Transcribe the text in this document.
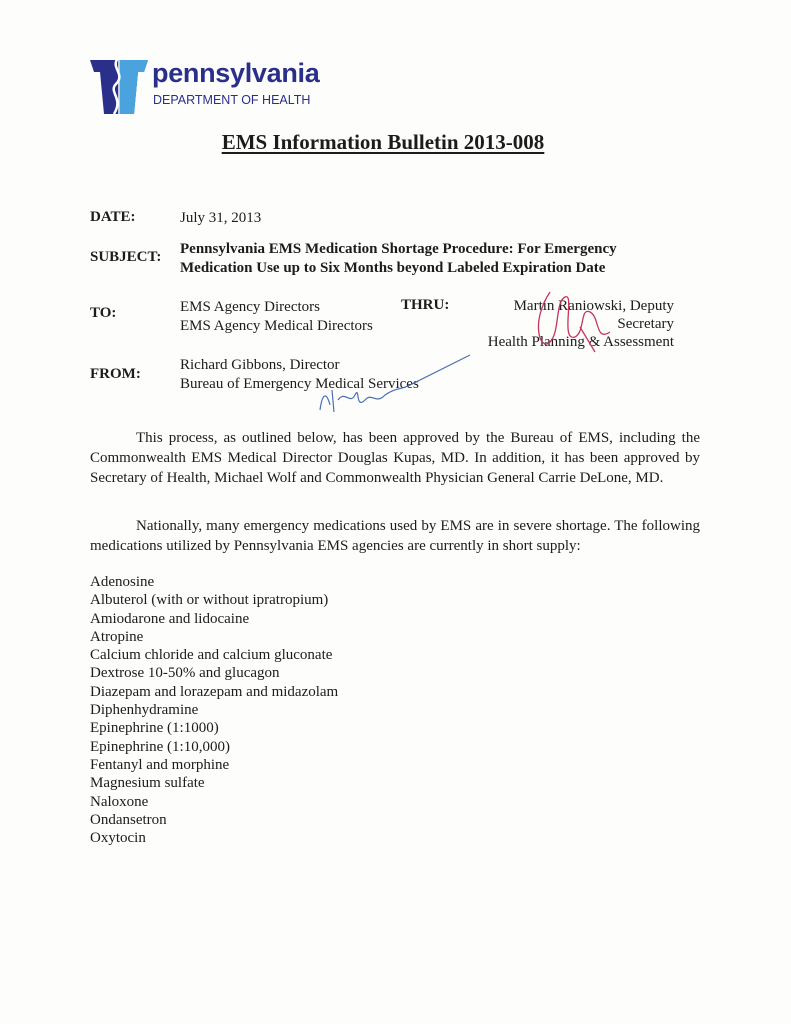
pennsylvania
DEPARTMENT OF HEALTH
EMS Information Bulletin 2013-008
DATE:	July 31, 2013
SUBJECT: Pennsylvania EMS Medication Shortage Procedure: For Emergency
Medication Use up to Six Months beyond Labeled Expiration Date
TO:	EMS Agency Directors
EMS Agency Medical Directors
THRU:	Martin Raniowski, Deputy Secretary
Health Planning & Assessment
FROM:
Richard Gibbons, Director
Bureau of Emergency Medical Services
This process, as outlined below, has been approved by the Bureau of EMS, including the Commonwealth EMS Medical Director Douglas Kupas, MD. In addition, it has been approved by Secretary of Health, Michael Wolf and Commonwealth Physician General Carrie DeLone, MD.
Nationally, many emergency medications used by EMS are in severe shortage. The following medications utilized by Pennsylvania EMS agencies are currently in short supply:
Adenosine
Albuterol (with or without ipratropium)
Amiodarone and lidocaine
Atropine
Calcium chloride and calcium gluconate
Dextrose 10-50% and glucagon
Diazepam and lorazepam and midazolam
Diphenhydramine
Epinephrine (1:1000)
Epinephrine (1:10,000)
Fentanyl and morphine
Magnesium sulfate
Naloxone
Ondansetron
Oxytocin
